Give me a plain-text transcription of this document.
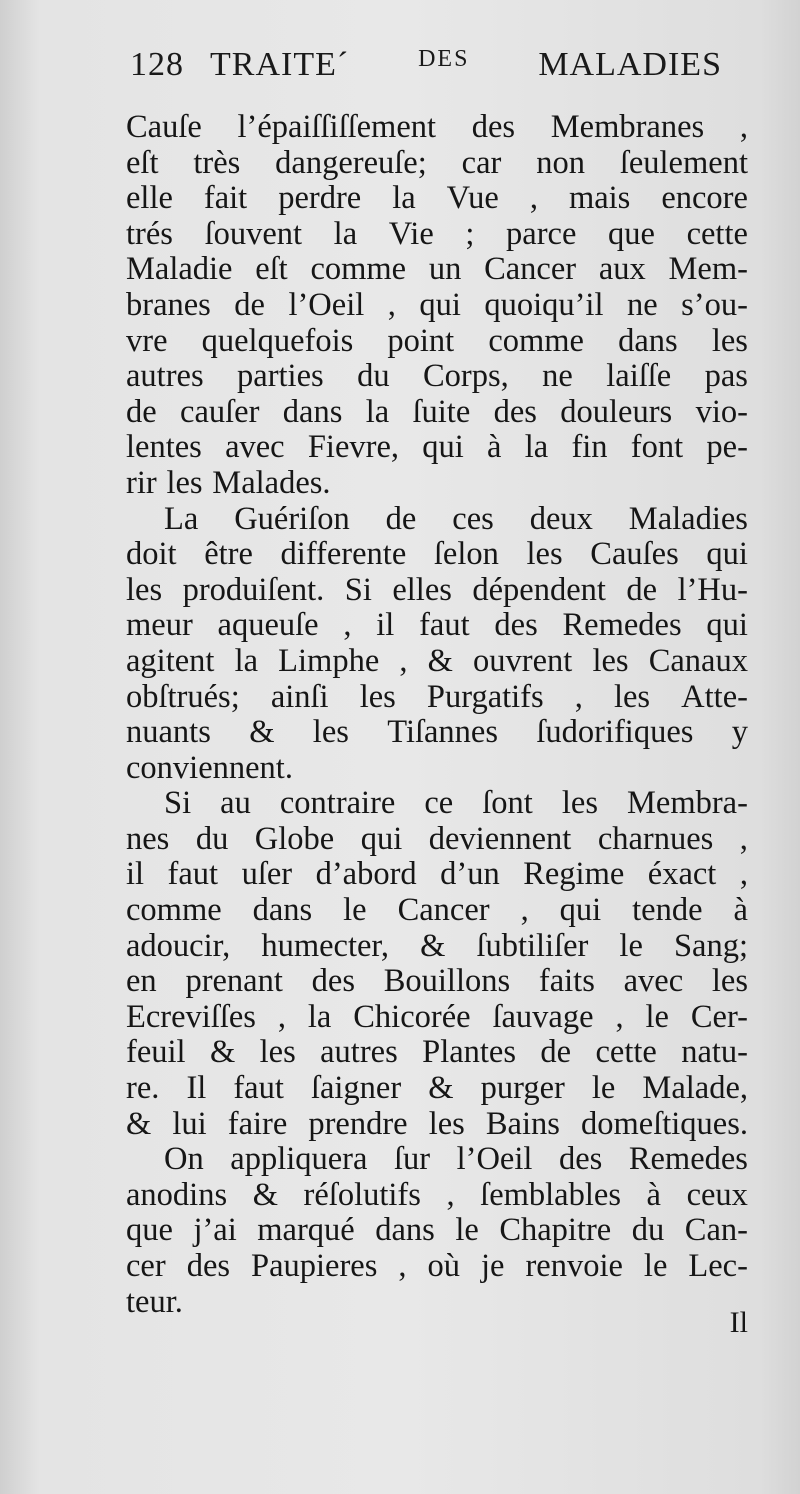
128 TRAITE´	DES MALADIES
Cauſe l’épaiſſiſſement des Membranes ,
eſt très dangereuſe; car non ſeulement
elle fait perdre la Vue , mais encore
trés ſouvent la Vie ; parce que cette
Maladie eſt comme un Cancer aux Mem-
branes de l’Oeil , qui quoiqu’il ne s’ou-
vre quelquefois point comme dans les
autres parties du Corps, ne laiſſe pas
de cauſer dans la ſuite des douleurs vio-
lentes avec Fievre, qui à la fin font pe-
rir les Malades.
La Guériſon de ces deux Maladies
doit être differente ſelon les Cauſes qui
les produiſent. Si elles dépendent de l’Hu-
meur aqueuſe , il faut des Remedes qui
agitent la Limphe , & ouvrent les Canaux
obſtrués; ainſi les Purgatifs , les Atte-
nuants & les Tiſannes ſudorifiques y
conviennent.
Si au contraire ce ſont les Membra-
nes du Globe qui deviennent charnues ,
il faut uſer d’abord d’un Regime éxact ,
comme dans le Cancer , qui tende à
adoucir, humecter, & ſubtiliſer le Sang;
en prenant des Bouillons faits avec les
Ecreviſſes , la Chicorée ſauvage , le Cer-
feuil & les autres Plantes de cette natu-
re. Il faut ſaigner & purger le Malade,
& lui faire prendre les Bains domeſtiques.
On appliquera ſur l’Oeil des Remedes
anodins & réſolutifs , ſemblables à ceux
que j’ai marqué dans le Chapitre du Can-
cer des Paupieres , où je renvoie le Lec-
teur.
Il
